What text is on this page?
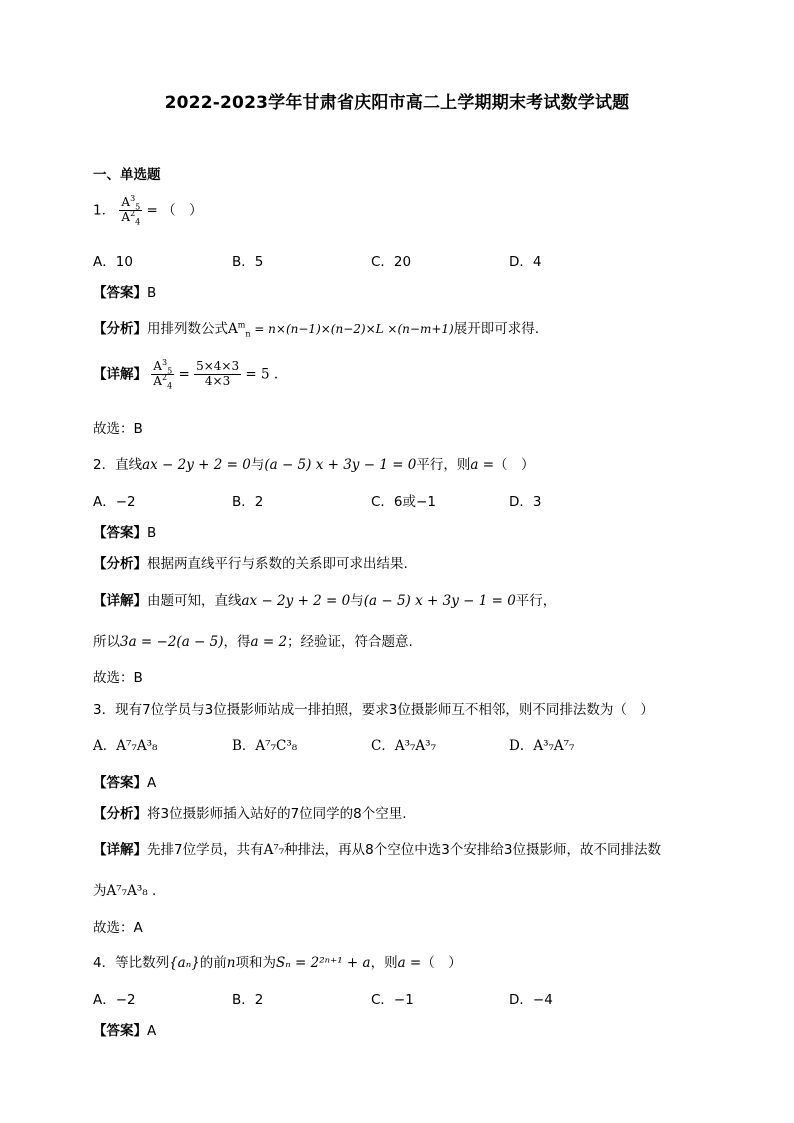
2022-2023学年甘肃省庆阳市高二上学期期末考试数学试题
一、单选题
1． $\frac{A^3_5}{A^2_4}$ = （　）
A．10	B．5	C．20	D．4
【答案】B
【分析】用排列数公式$A^m_n = n\times(n-1)\times(n-2)\times L \times(n-m+1)$展开即可求得.
【详解】 $\frac{A^3_5}{A^2_4} = \frac{5\times 4\times 3}{4\times 3} = 5$ .
故选：B
2．直线ax − 2y + 2 = 0与(a − 5) x + 3y − 1 = 0平行，则a =（　）
A．−2	B．2	C．6或−1	D．3
【答案】B
【分析】根据两直线平行与系数的关系即可求出结果.
【详解】由题可知，直线ax − 2y + 2 = 0与(a − 5) x + 3y − 1 = 0平行，
所以3a = −2(a − 5)，得a = 2；经验证，符合题意.
故选：B
3．现有7位学员与3位摄影师站成一排拍照，要求3位摄影师互不相邻，则不同排法数为（　）
A．A⁷₇A³₈	B．A⁷₇C³₈	C．A³₇A³₇	D．A³₇A⁷₇
【答案】A
【分析】将3位摄影师插入站好的7位同学的8个空里.
【详解】先排7位学员，共有A⁷₇种排法，再从8个空位中选3个安排给3位摄影师，故不同排法数
为A⁷₇A³₈ .
故选：A
4．等比数列{aₙ}的前n项和为Sₙ = 2²ⁿ⁺¹ + a，则a =（　）
A．−2	B．2	C．−1	D．−4
【答案】A
